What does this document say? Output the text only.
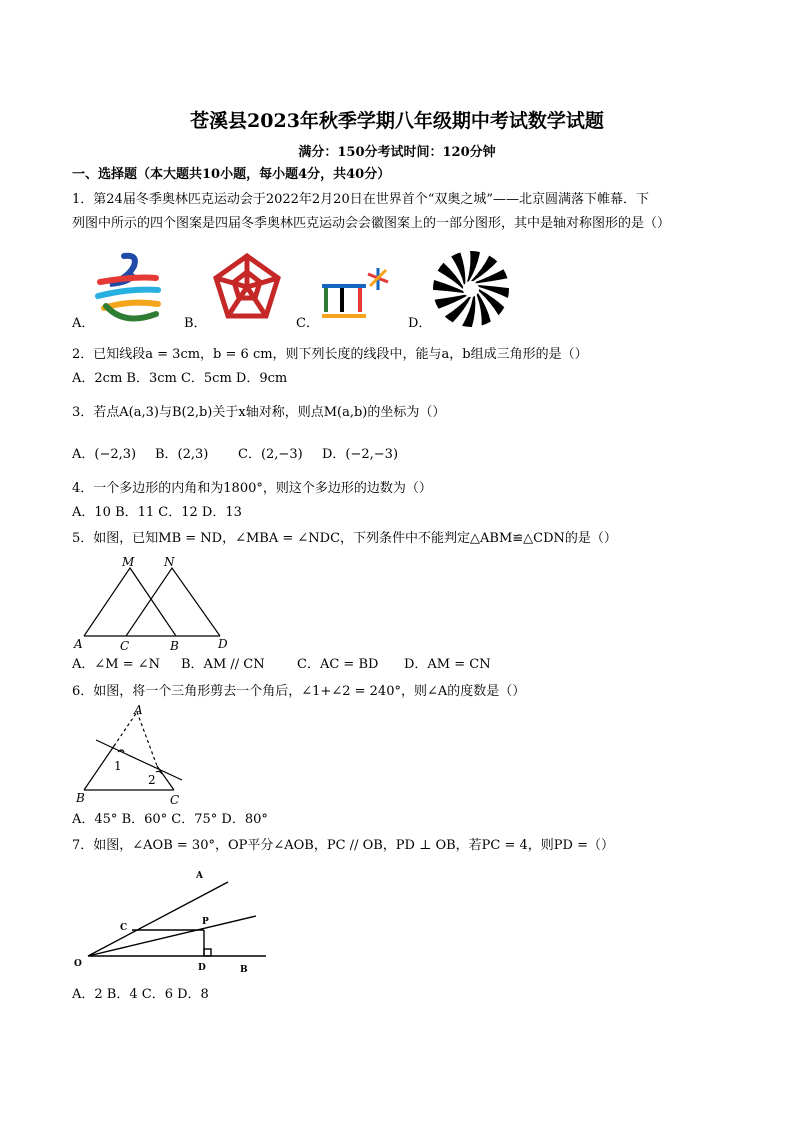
苍溪县2023年秋季学期八年级期中考试数学试题
满分：150分考试时间：120分钟
一、选择题（本大题共10小题，每小题4分，共40分）
1．第24届冬季奥林匹克运动会于2022年2月20日在世界首个“双奥之城”——北京圆满落下帷幕．下
列图中所示的四个图案是四届冬季奥林匹克运动会会徽图案上的一部分图形，其中是轴对称图形的是（）
A．	B．	C．	D．
2．已知线段a = 3cm，b = 6 cm，则下列长度的线段中，能与a，b组成三角形的是（）
A．2cm B．3cm C．5cm D．9cm
3．若点A(a,3)与B(2,b)关于x轴对称，则点M(a,b)的坐标为（）
A．(−2,3) B．(2,3) C．(2,−3) D．(−2,−3)
4．一个多边形的内角和为1800°，则这个多边形的边数为（）
A．10 B．11 C．12 D．13
5．如图，已知MB = ND，∠MBA = ∠NDC，下列条件中不能判定△ABM≌△CDN的是（）
M N
A	C	B	D
A．∠M = ∠N B．AM // CN C．AC = BD D．AM = CN
6．如图，将一个三角形剪去一个角后，∠1+∠2 = 240°，则∠A的度数是（）
A
1
2
B	C
A．45° B．60° C．75° D．80°
7．如图，∠AOB = 30°，OP平分∠AOB，PC // OB，PD ⊥ OB，若PC = 4，则PD =（）
A
C
P
O	D	B
A．2 B．4 C．6 D．8
